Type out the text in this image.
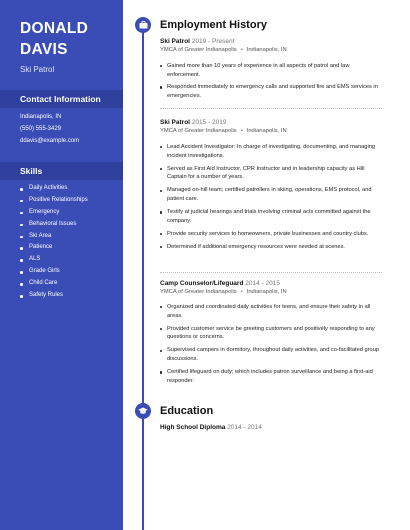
DONALD
DAVIS
Ski Patrol
Contact Information
Indianapolis, IN
(550) 555-3429
ddavis@example.com
Skills
Daily Activities
Positive Relationships
Emergency
Behavioral Issues
Ski Area
Patience
ALS
Grade Girls
Child Care
Safety Rules
Employment History
Ski Patrol 2019 - Present
YMCA of Greater Indianapolis • Indianapolis, IN
Gained more than 10 years of experience in all aspects of patrol and law enforcement.
Responded immediately to emergency calls and supported fire and EMS services in emergencies.
Ski Patrol 2015 - 2019
YMCA of Greater Indianapolis • Indianapolis, IN
Lead Accident Investigator: In charge of investigating, documenting, and managing incident investigations.
Served as First Aid Instructor, CPR Instructor and in leadership capacity as Hill Captain for a number of years.
Managed on-hill team; certified patrollers in skiing, operations, EMS protocol, and patient care.
Testify at judicial hearings and trials involving criminal acts committed against the company.
Provide security services to homeowners, private businesses and country clubs.
Determined if additional emergency resources were needed at scenes.
Camp Counselor/Lifeguard 2014 - 2015
YMCA of Greater Indianapolis • Indianapolis, IN
Organized and coordinated daily activities for teens, and ensure their safety in all areas.
Provided customer service be greeting customers and positively responding to any questions or concerns.
Supervised campers in dormitory, throughout daily activities, and co-facilitated group discussions.
Certified lifeguard on duty; which includes patron surveillance and being a first-aid responder.
Education
High School Diploma 2014 - 2014
